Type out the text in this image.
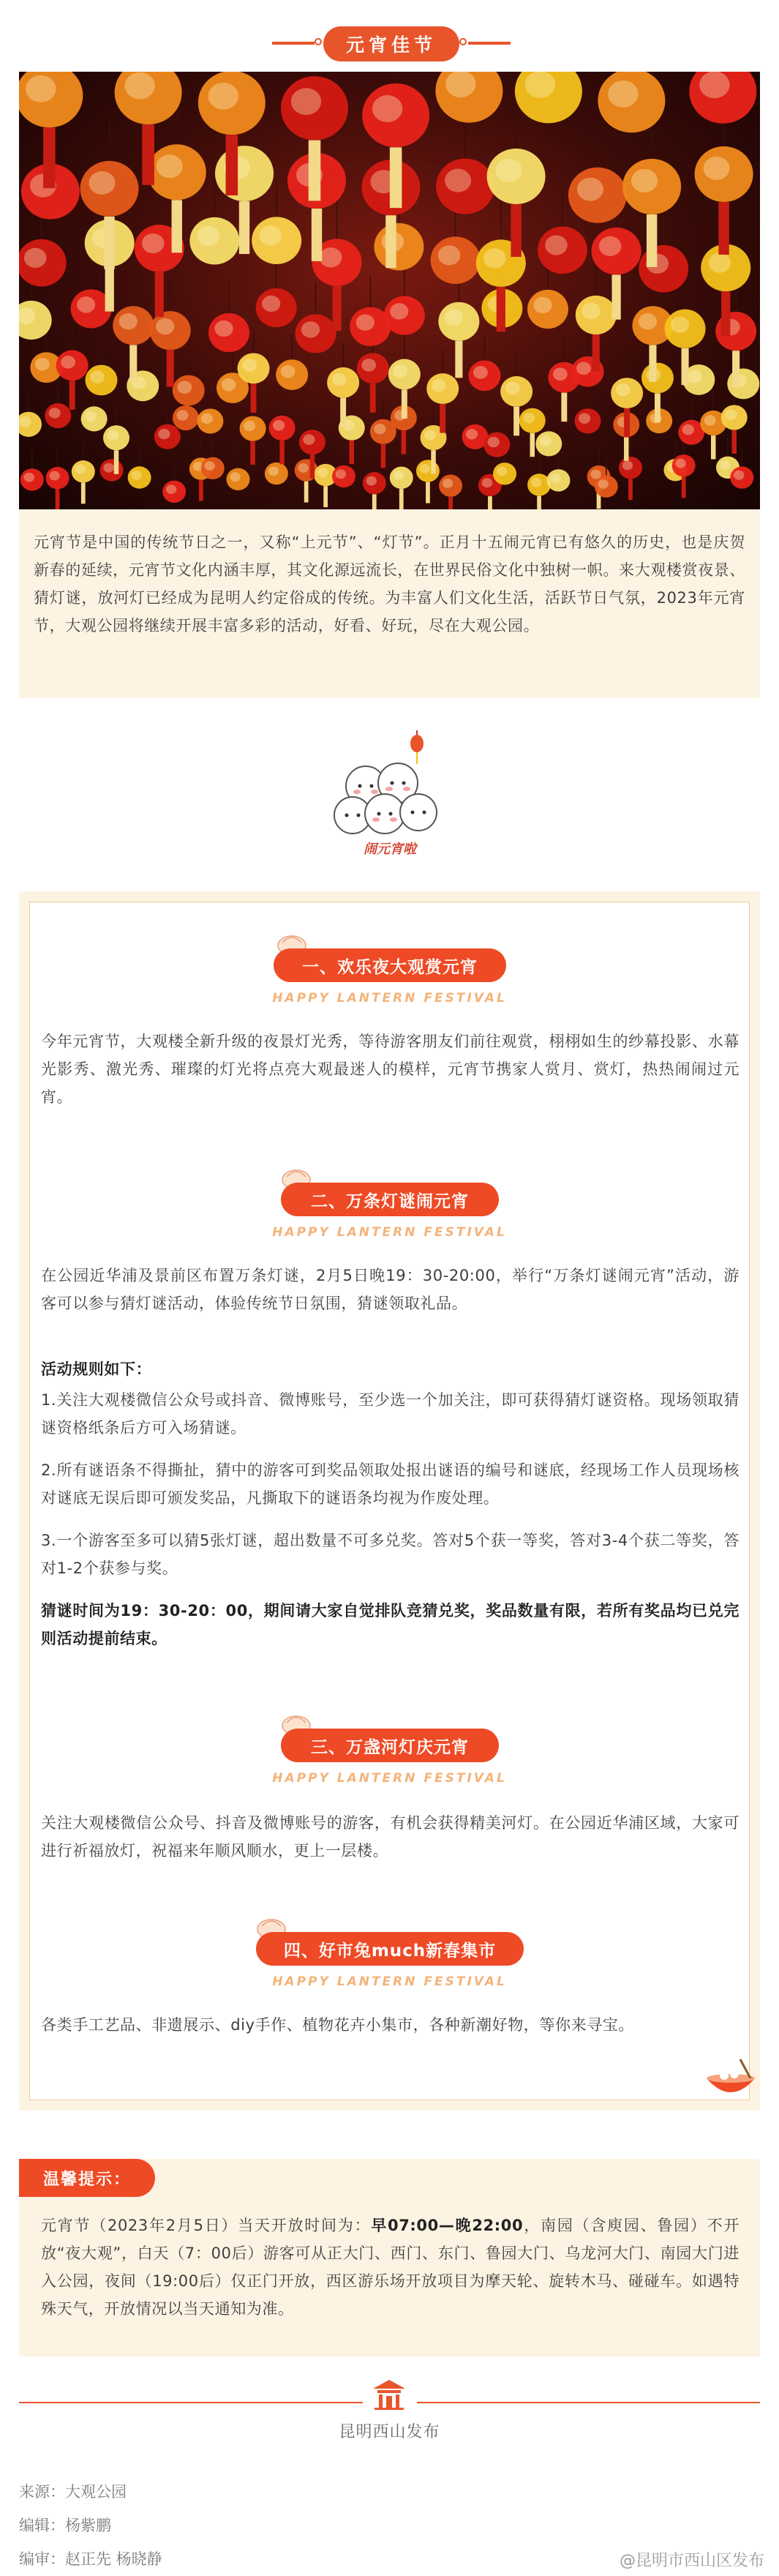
元宵佳节
元宵节是中国的传统节日之一，又称“上元节”、“灯节”。正月十五闹元宵已有悠久的历史，也是庆贺新春的延续，元宵节文化内涵丰厚，其文化源远流长，在世界民俗文化中独树一帜。来大观楼赏夜景、猜灯谜，放河灯已经成为昆明人约定俗成的传统。为丰富人们文化生活，活跃节日气氛，2023年元宵节，大观公园将继续开展丰富多彩的活动，好看、好玩，尽在大观公园。
闹元宵啦
一、欢乐夜大观赏元宵
HAPPY LANTERN FESTIVAL
今年元宵节，大观楼全新升级的夜景灯光秀，等待游客朋友们前往观赏，栩栩如生的纱幕投影、水幕光影秀、激光秀、璀璨的灯光将点亮大观最迷人的模样，元宵节携家人赏月、赏灯，热热闹闹过元宵。
二、万条灯谜闹元宵
HAPPY LANTERN FESTIVAL
在公园近华浦及景前区布置万条灯谜，2月5日晚19：30-20:00，举行“万条灯谜闹元宵”活动，游客可以参与猜灯谜活动，体验传统节日氛围，猜谜领取礼品。
活动规则如下：
1.关注大观楼微信公众号或抖音、微博账号，至少选一个加关注，即可获得猜灯谜资格。现场领取猜谜资格纸条后方可入场猜谜。
2.所有谜语条不得撕扯，猜中的游客可到奖品领取处报出谜语的编号和谜底，经现场工作人员现场核对谜底无误后即可颁发奖品，凡撕取下的谜语条均视为作废处理。
3.一个游客至多可以猜5张灯谜，超出数量不可多兑奖。答对5个获一等奖，答对3-4个获二等奖，答对1-2个获参与奖。
猜谜时间为19：30-20：00，期间请大家自觉排队竞猜兑奖，奖品数量有限，若所有奖品均已兑完则活动提前结束。
三、万盏河灯庆元宵
HAPPY LANTERN FESTIVAL
关注大观楼微信公众号、抖音及微博账号的游客，有机会获得精美河灯。在公园近华浦区域，大家可进行祈福放灯，祝福来年顺风顺水，更上一层楼。
四、好市兔much新春集市
HAPPY LANTERN FESTIVAL
各类手工艺品、非遗展示、diy手作、植物花卉小集市，各种新潮好物，等你来寻宝。
温馨提示：
元宵节（2023年2月5日）当天开放时间为：早07:00—晚22:00，南园（含庾园、鲁园）不开放“夜大观”，白天（7：00后）游客可从正大门、西门、东门、鲁园大门、乌龙河大门、南园大门进入公园，夜间（19:00后）仅正门开放，西区游乐场开放项目为摩天轮、旋转木马、碰碰车。如遇特殊天气，开放情况以当天通知为准。
昆明西山发布
来源：大观公园
编辑：杨紫鹏
编审：赵正先 杨晓静	@昆明市西山区发布
